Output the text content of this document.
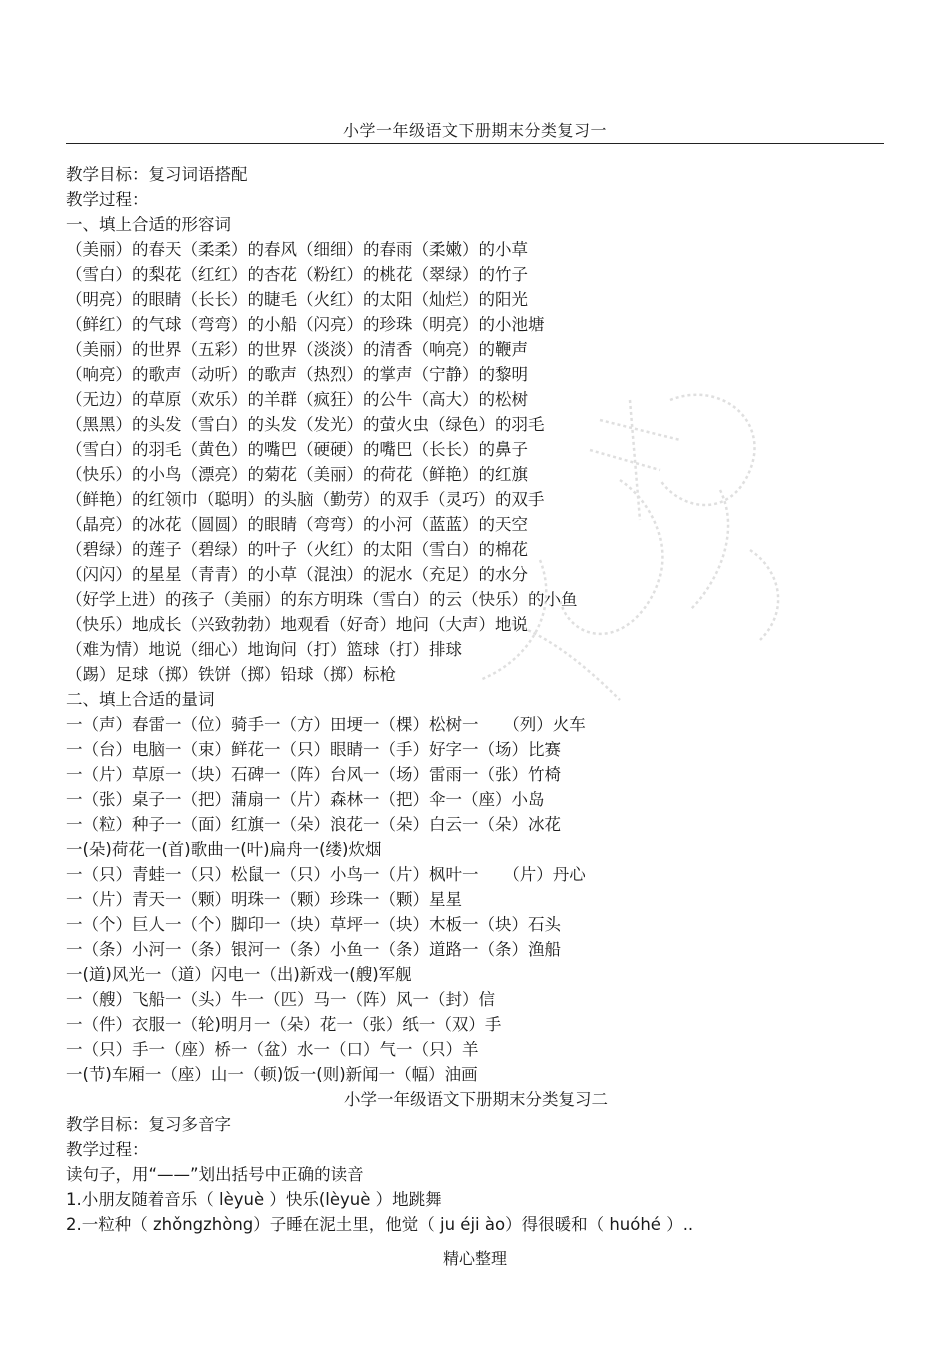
小学一年级语文下册期末分类复习一
教学目标：复习词语搭配
教学过程：
一、填上合适的形容词
（美丽）的春天（柔柔）的春风（细细）的春雨（柔嫩）的小草
（雪白）的梨花（红红）的杏花（粉红）的桃花（翠绿）的竹子
（明亮）的眼睛（长长）的睫毛（火红）的太阳（灿烂）的阳光
（鲜红）的气球（弯弯）的小船（闪亮）的珍珠（明亮）的小池塘
（美丽）的世界（五彩）的世界（淡淡）的清香（响亮）的鞭声
（响亮）的歌声（动听）的歌声（热烈）的掌声（宁静）的黎明
（无边）的草原（欢乐）的羊群（疯狂）的公牛（高大）的松树
（黑黑）的头发（雪白）的头发（发光）的萤火虫（绿色）的羽毛
（雪白）的羽毛（黄色）的嘴巴（硬硬）的嘴巴（长长）的鼻子
（快乐）的小鸟（漂亮）的菊花（美丽）的荷花（鲜艳）的红旗
（鲜艳）的红领巾（聪明）的头脑（勤劳）的双手（灵巧）的双手
（晶亮）的冰花（圆圆）的眼睛（弯弯）的小河（蓝蓝）的天空
（碧绿）的莲子（碧绿）的叶子（火红）的太阳（雪白）的棉花
（闪闪）的星星（青青）的小草（混浊）的泥水（充足）的水分
（好学上进）的孩子（美丽）的东方明珠（雪白）的云（快乐）的小鱼
（快乐）地成长（兴致勃勃）地观看（好奇）地问（大声）地说
（难为情）地说（细心）地询问（打）篮球（打）排球
（踢）足球（掷）铁饼（掷）铅球（掷）标枪
二、填上合适的量词
一（声）春雷一（位）骑手一（方）田埂一（棵）松树一　　（列）火车
一（台）电脑一（束）鲜花一（只）眼睛一（手）好字一（场）比赛
一（片）草原一（块）石碑一（阵）台风一（场）雷雨一（张）竹椅
一（张）桌子一（把）蒲扇一（片）森林一（把）伞一（座）小岛
一（粒）种子一（面）红旗一（朵）浪花一（朵）白云一（朵）冰花
一(朵)荷花一(首)歌曲一(叶)扁舟一(缕)炊烟
一（只）青蛙一（只）松鼠一（只）小鸟一（片）枫叶一　　（片）丹心
一（片）青天一（颗）明珠一（颗）珍珠一（颗）星星
一（个）巨人一（个）脚印一（块）草坪一（块）木板一（块）石头
一（条）小河一（条）银河一（条）小鱼一（条）道路一（条）渔船
一(道)风光一（道）闪电一（出)新戏一(艘)军舰
一（艘）飞船一（头）牛一（匹）马一（阵）风一（封）信
一（件）衣服一（轮)明月一（朵）花一（张）纸一（双）手
一（只）手一（座）桥一（盆）水一（口）气一（只）羊
一(节)车厢一（座）山一（顿)饭一(则)新闻一（幅）油画
小学一年级语文下册期末分类复习二
教学目标：复习多音字
教学过程：
读句子，用“——”划出括号中正确的读音
1.小朋友随着音乐（ lèyuè ）快乐(lèyuè ）地跳舞
2.一粒种（ zhǒngzhòng）子睡在泥土里，他觉（ ju éji ào）得很暖和（ huóhé ）..
精心整理
